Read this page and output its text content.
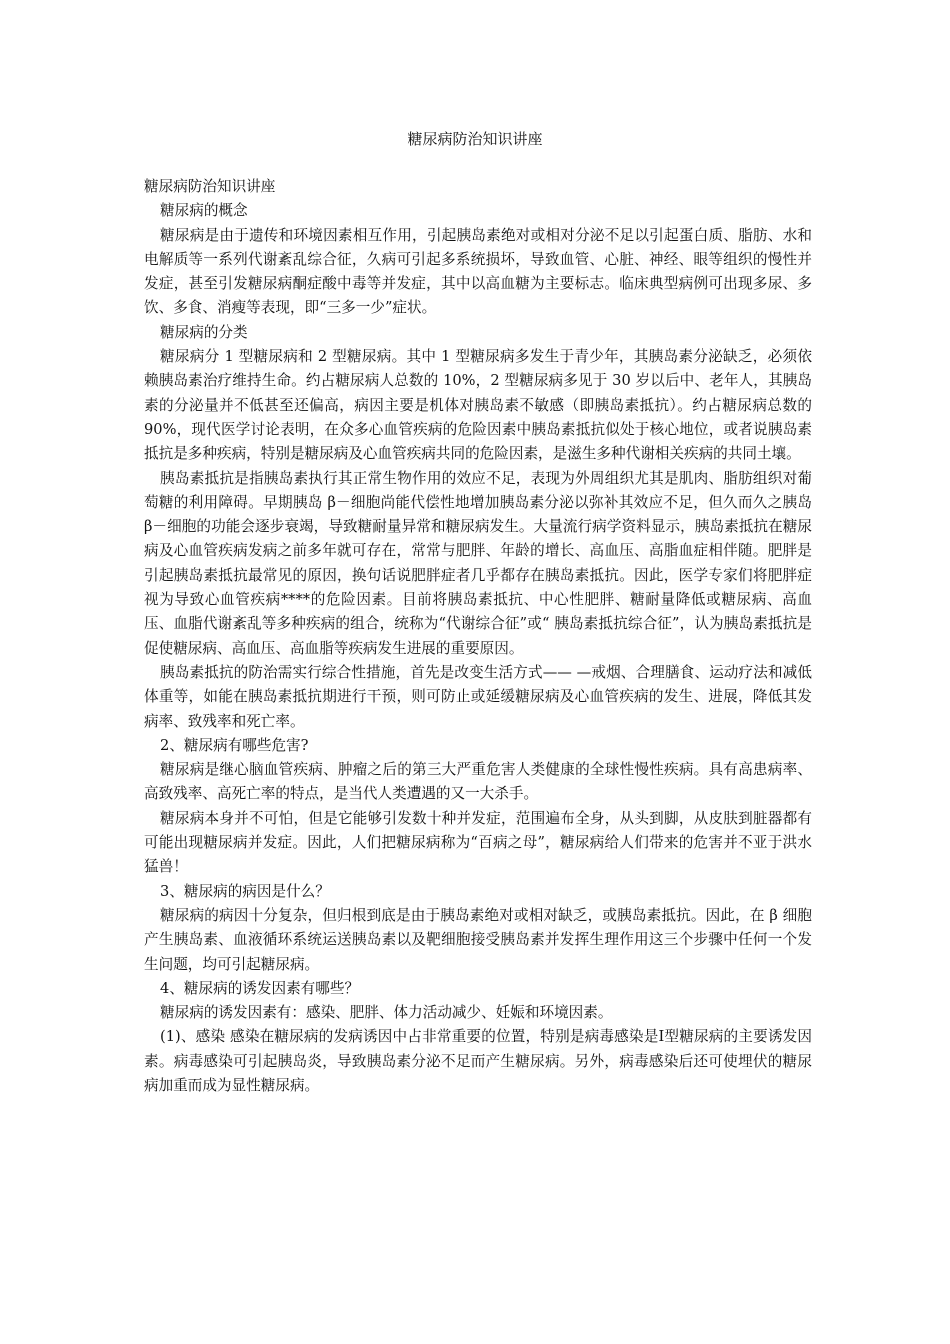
糖尿病防治知识讲座

糖尿病防治知识讲座

糖尿病的概念

糖尿病是由于遗传和环境因素相互作用，引起胰岛素绝对或相对分泌不足以引起蛋白质、脂肪、水和电解质等一系列代谢紊乱综合征，久病可引起多系统损坏，导致血管、心脏、神经、眼等组织的慢性并发症，甚至引发糖尿病酮症酸中毒等并发症，其中以高血糖为主要标志。临床典型病例可出现多尿、多饮、多食、消瘦等表现，即“三多一少”症状。

糖尿病的分类

糖尿病分 1 型糖尿病和 2 型糖尿病。其中 1 型糖尿病多发生于青少年，其胰岛素分泌缺乏，必须依赖胰岛素治疗维持生命。约占糖尿病人总数的 10%，2 型糖尿病多见于 30 岁以后中、老年人，其胰岛素的分泌量并不低甚至还偏高，病因主要是机体对胰岛素不敏感（即胰岛素抵抗）。约占糖尿病总数的 90%，现代医学讨论表明，在众多心血管疾病的危险因素中胰岛素抵抗似处于核心地位，或者说胰岛素抵抗是多种疾病，特别是糖尿病及心血管疾病共同的危险因素，是滋生多种代谢相关疾病的共同土壤。

胰岛素抵抗是指胰岛素执行其正常生物作用的效应不足，表现为外周组织尤其是肌肉、脂肪组织对葡萄糖的利用障碍。早期胰岛 β－细胞尚能代偿性地增加胰岛素分泌以弥补其效应不足，但久而久之胰岛 β－细胞的功能会逐步衰竭，导致糖耐量异常和糖尿病发生。大量流行病学资料显示，胰岛素抵抗在糖尿病及心血管疾病发病之前多年就可存在，常常与肥胖、年龄的增长、高血压、高脂血症相伴随。肥胖是引起胰岛素抵抗最常见的原因，换句话说肥胖症者几乎都存在胰岛素抵抗。因此，医学专家们将肥胖症视为导致心血管疾病****的危险因素。目前将胰岛素抵抗、中心性肥胖、糖耐量降低或糖尿病、高血压、血脂代谢紊乱等多种疾病的组合，统称为“代谢综合征”或“ 胰岛素抵抗综合征”，认为胰岛素抵抗是促使糖尿病、高血压、高血脂等疾病发生进展的重要原因。

胰岛素抵抗的防治需实行综合性措施，首先是改变生活方式—— —戒烟、合理膳食、运动疗法和减低体重等，如能在胰岛素抵抗期进行干预，则可防止或延缓糖尿病及心血管疾病的发生、进展，降低其发病率、致残率和死亡率。

2、糖尿病有哪些危害?

糖尿病是继心脑血管疾病、肿瘤之后的第三大严重危害人类健康的全球性慢性疾病。具有高患病率、高致残率、高死亡率的特点，是当代人类遭遇的又一大杀手。

糖尿病本身并不可怕，但是它能够引发数十种并发症，范围遍布全身，从头到脚，从皮肤到脏器都有可能出现糖尿病并发症。因此，人们把糖尿病称为“百病之母”，糖尿病给人们带来的危害并不亚于洪水猛兽！

3、糖尿病的病因是什么？

糖尿病的病因十分复杂，但归根到底是由于胰岛素绝对或相对缺乏，或胰岛素抵抗。因此，在 β 细胞产生胰岛素、血液循环系统运送胰岛素以及靶细胞接受胰岛素并发挥生理作用这三个步骤中任何一个发生问题，均可引起糖尿病。

4、糖尿病的诱发因素有哪些？

糖尿病的诱发因素有：感染、肥胖、体力活动减少、妊娠和环境因素。

(1)、感染 感染在糖尿病的发病诱因中占非常重要的位置，特别是病毒感染是Ⅰ型糖尿病的主要诱发因素。病毒感染可引起胰岛炎，导致胰岛素分泌不足而产生糖尿病。另外，病毒感染后还可使埋伏的糖尿病加重而成为显性糖尿病。
